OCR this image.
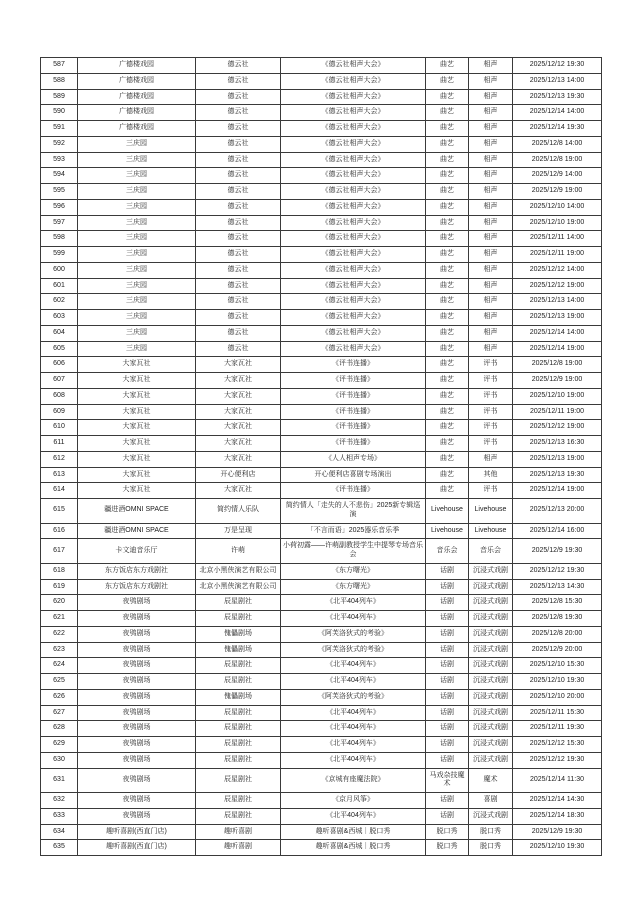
587	广德楼戏园	德云社	《德云社相声大会》	曲艺	相声	2025/12/12 19:30
588	广德楼戏园	德云社	《德云社相声大会》	曲艺	相声	2025/12/13 14:00
589	广德楼戏园	德云社	《德云社相声大会》	曲艺	相声	2025/12/13 19:30
590	广德楼戏园	德云社	《德云社相声大会》	曲艺	相声	2025/12/14 14:00
591	广德楼戏园	德云社	《德云社相声大会》	曲艺	相声	2025/12/14 19:30
592	三庆园	德云社	《德云社相声大会》	曲艺	相声	2025/12/8 14:00
593	三庆园	德云社	《德云社相声大会》	曲艺	相声	2025/12/8 19:00
594	三庆园	德云社	《德云社相声大会》	曲艺	相声	2025/12/9 14:00
595	三庆园	德云社	《德云社相声大会》	曲艺	相声	2025/12/9 19:00
596	三庆园	德云社	《德云社相声大会》	曲艺	相声	2025/12/10 14:00
597	三庆园	德云社	《德云社相声大会》	曲艺	相声	2025/12/10 19:00
598	三庆园	德云社	《德云社相声大会》	曲艺	相声	2025/12/11 14:00
599	三庆园	德云社	《德云社相声大会》	曲艺	相声	2025/12/11 19:00
600	三庆园	德云社	《德云社相声大会》	曲艺	相声	2025/12/12 14:00
601	三庆园	德云社	《德云社相声大会》	曲艺	相声	2025/12/12 19:00
602	三庆园	德云社	《德云社相声大会》	曲艺	相声	2025/12/13 14:00
603	三庆园	德云社	《德云社相声大会》	曲艺	相声	2025/12/13 19:00
604	三庆园	德云社	《德云社相声大会》	曲艺	相声	2025/12/14 14:00
605	三庆园	德云社	《德云社相声大会》	曲艺	相声	2025/12/14 19:00
606	大家瓦社	大家瓦社	《评书连播》	曲艺	评书	2025/12/8 19:00
607	大家瓦社	大家瓦社	《评书连播》	曲艺	评书	2025/12/9 19:00
608	大家瓦社	大家瓦社	《评书连播》	曲艺	评书	2025/12/10 19:00
609	大家瓦社	大家瓦社	《评书连播》	曲艺	评书	2025/12/11 19:00
610	大家瓦社	大家瓦社	《评书连播》	曲艺	评书	2025/12/12 19:00
611	大家瓦社	大家瓦社	《评书连播》	曲艺	评书	2025/12/13 16:30
612	大家瓦社	大家瓦社	《人人相声专场》	曲艺	相声	2025/12/13 19:00
613	大家瓦社	开心便利店	开心便利店喜剧专场演出	曲艺	其他	2025/12/13 19:30
614	大家瓦社	大家瓦社	《评书连播》	曲艺	评书	2025/12/14 19:00
615	疆进酒OMNI SPACE	简约情人乐队	简约情人「走失的人不悲伤」2025新专辑巡演	Livehouse	Livehouse	2025/12/13 20:00
616	疆进酒OMNI SPACE	万是呈现	「不言而语」2025器乐音乐季	Livehouse	Livehouse	2025/12/14 16:00
617	卡文迪音乐厅	许萌	小荷初露——许萌副教授学生中提琴专场音乐会	音乐会	音乐会	2025/12/9 19:30
618	东方饭店东方戏剧社	北京小黑侠演艺有限公司	《东方曙光》	话剧	沉浸式戏剧	2025/12/12 19:30
619	东方饭店东方戏剧社	北京小黑侠演艺有限公司	《东方曙光》	话剧	沉浸式戏剧	2025/12/13 14:30
620	夜鸮剧场	辰星剧社	《北平404列车》	话剧	沉浸式戏剧	2025/12/8 15:30
621	夜鸮剧场	辰星剧社	《北平404列车》	话剧	沉浸式戏剧	2025/12/8 19:30
622	夜鸮剧场	傀儡剧场	《阿芙洛狄式的考验》	话剧	沉浸式戏剧	2025/12/8 20:00
623	夜鸮剧场	傀儡剧场	《阿芙洛狄式的考验》	话剧	沉浸式戏剧	2025/12/9 20:00
624	夜鸮剧场	辰星剧社	《北平404列车》	话剧	沉浸式戏剧	2025/12/10 15:30
625	夜鸮剧场	辰星剧社	《北平404列车》	话剧	沉浸式戏剧	2025/12/10 19:30
626	夜鸮剧场	傀儡剧场	《阿芙洛狄式的考验》	话剧	沉浸式戏剧	2025/12/10 20:00
627	夜鸮剧场	辰星剧社	《北平404列车》	话剧	沉浸式戏剧	2025/12/11 15:30
628	夜鸮剧场	辰星剧社	《北平404列车》	话剧	沉浸式戏剧	2025/12/11 19:30
629	夜鸮剧场	辰星剧社	《北平404列车》	话剧	沉浸式戏剧	2025/12/12 15:30
630	夜鸮剧场	辰星剧社	《北平404列车》	话剧	沉浸式戏剧	2025/12/12 19:30
631	夜鸮剧场	辰星剧社	《京城有座魔法院》	马戏杂技魔术	魔术	2025/12/14 11:30
632	夜鸮剧场	辰星剧社	《京月风筝》	话剧	喜剧	2025/12/14 14:30
633	夜鸮剧场	辰星剧社	《北平404列车》	话剧	沉浸式戏剧	2025/12/14 18:30
634	趣听喜剧(西直门店)	趣听喜剧	趣听喜剧&西城｜脱口秀	脱口秀	脱口秀	2025/12/9 19:30
635	趣听喜剧(西直门店)	趣听喜剧	趣听喜剧&西城｜脱口秀	脱口秀	脱口秀	2025/12/10 19:30
